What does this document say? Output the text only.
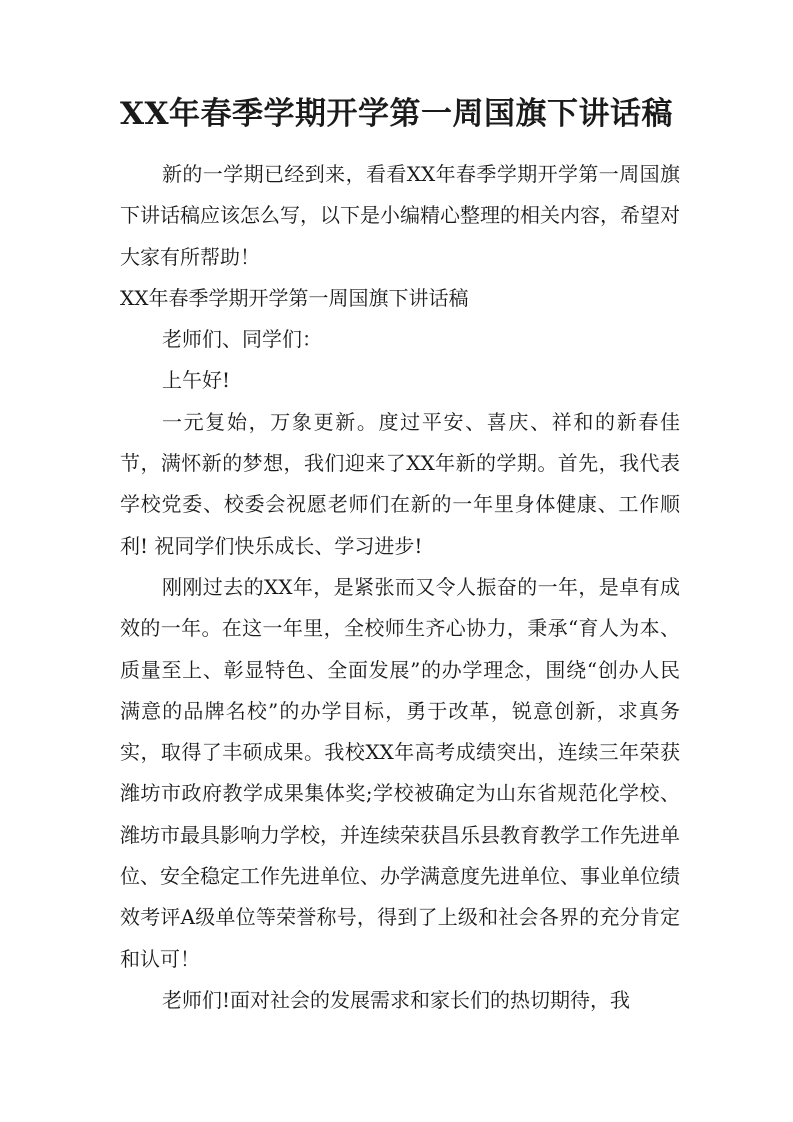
XX年春季学期开学第一周国旗下讲话稿

新的一学期已经到来，看看XX年春季学期开学第一周国旗下讲话稿应该怎么写，以下是小编精心整理的相关内容，希望对大家有所帮助！

XX年春季学期开学第一周国旗下讲话稿

老师们、同学们：

上午好!

一元复始，万象更新。度过平安、喜庆、祥和的新春佳节，满怀新的梦想，我们迎来了XX年新的学期。首先，我代表学校党委、校委会祝愿老师们在新的一年里身体健康、工作顺利! 祝同学们快乐成长、学习进步!

刚刚过去的XX年，是紧张而又令人振奋的一年，是卓有成效的一年。在这一年里，全校师生齐心协力，秉承“育人为本、质量至上、彰显特色、全面发展”的办学理念，围绕“创办人民满意的品牌名校”的办学目标，勇于改革，锐意创新，求真务实，取得了丰硕成果。我校XX年高考成绩突出，连续三年荣获潍坊市政府教学成果集体奖;学校被确定为山东省规范化学校、潍坊市最具影响力学校，并连续荣获昌乐县教育教学工作先进单位、安全稳定工作先进单位、办学满意度先进单位、事业单位绩效考评A级单位等荣誉称号，得到了上级和社会各界的充分肯定和认可！

老师们!面对社会的发展需求和家长们的热切期待，我
